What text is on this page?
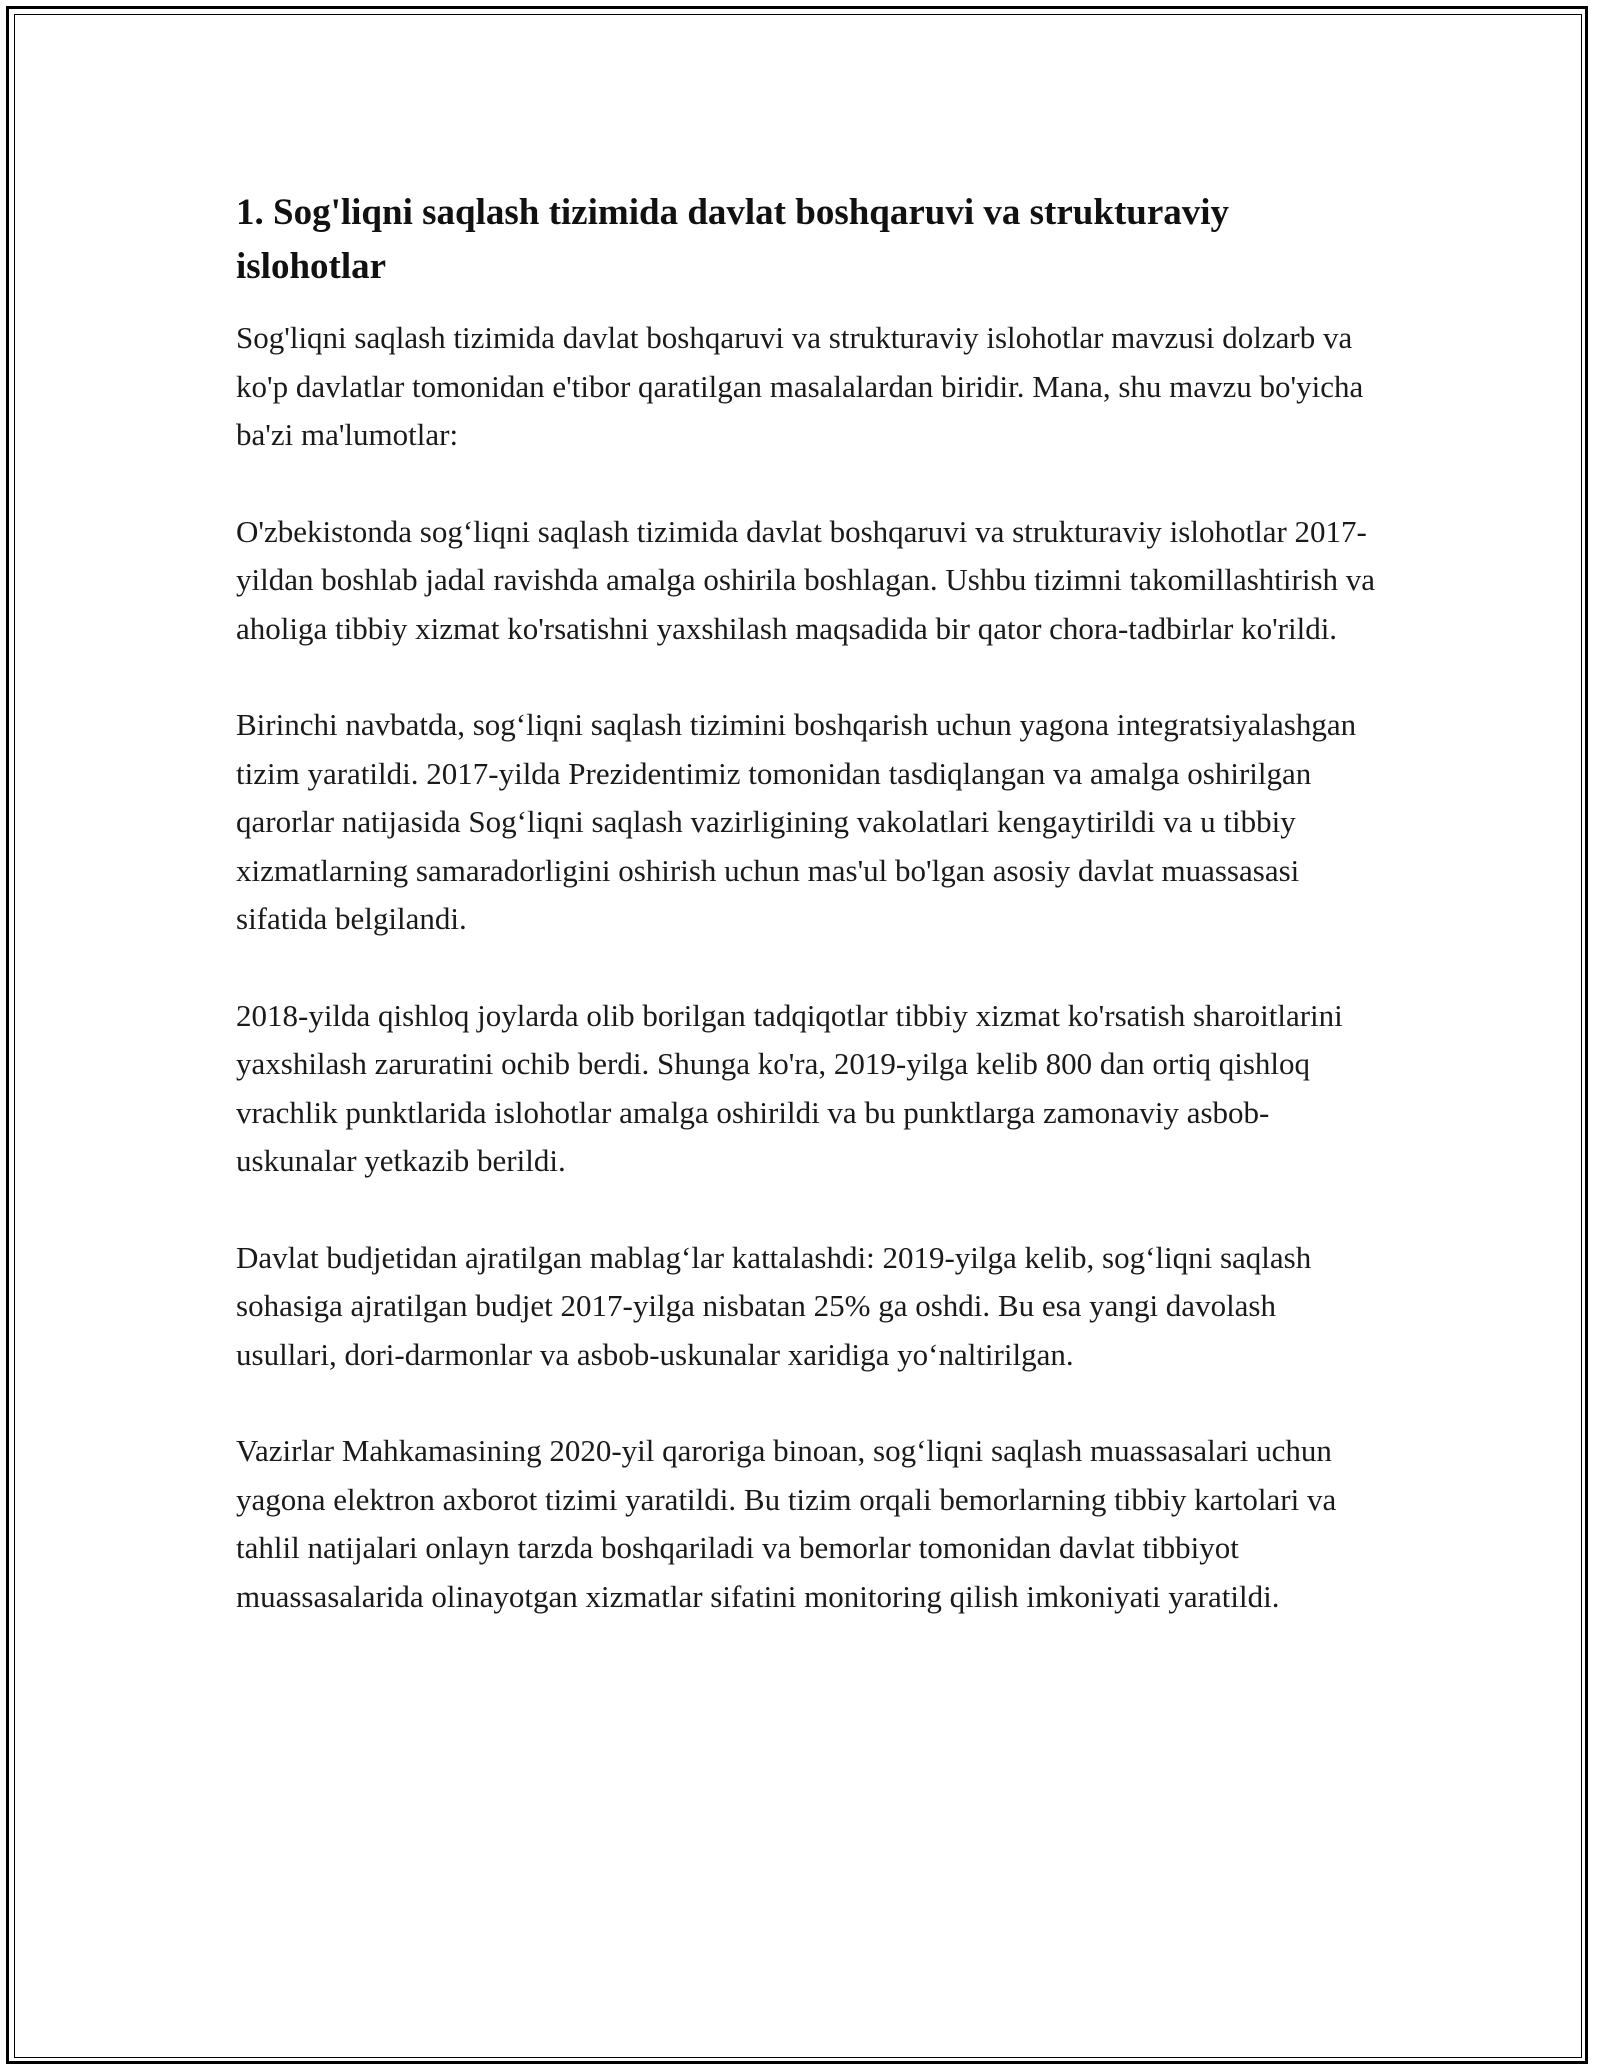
1. Sog'liqni saqlash tizimida davlat boshqaruvi va strukturaviy islohotlar

Sog'liqni saqlash tizimida davlat boshqaruvi va strukturaviy islohotlar mavzusi dolzarb va ko'p davlatlar tomonidan e'tibor qaratilgan masalalardan biridir. Mana, shu mavzu bo'yicha ba'zi ma'lumotlar:

O'zbekistonda sog‘liqni saqlash tizimida davlat boshqaruvi va strukturaviy islohotlar 2017-yildan boshlab jadal ravishda amalga oshirila boshlagan. Ushbu tizimni takomillashtirish va aholiga tibbiy xizmat ko'rsatishni yaxshilash maqsadida bir qator chora-tadbirlar ko'rildi.

Birinchi navbatda, sog‘liqni saqlash tizimini boshqarish uchun yagona integratsiyalashgan tizim yaratildi. 2017-yilda Prezidentimiz tomonidan tasdiqlangan va amalga oshirilgan qarorlar natijasida Sog‘liqni saqlash vazirligining vakolatlari kengaytirildi va u tibbiy xizmatlarning samaradorligini oshirish uchun mas'ul bo'lgan asosiy davlat muassasasi sifatida belgilandi.

2018-yilda qishloq joylarda olib borilgan tadqiqotlar tibbiy xizmat ko'rsatish sharoitlarini yaxshilash zaruratini ochib berdi. Shunga ko'ra, 2019-yilga kelib 800 dan ortiq qishloq vrachlik punktlarida islohotlar amalga oshirildi va bu punktlarga zamonaviy asbob-uskunalar yetkazib berildi.

Davlat budjetidan ajratilgan mablag‘lar kattalashdi: 2019-yilga kelib, sog‘liqni saqlash sohasiga ajratilgan budjet 2017-yilga nisbatan 25% ga oshdi. Bu esa yangi davolash usullari, dori-darmonlar va asbob-uskunalar xaridiga yo‘naltirilgan.

Vazirlar Mahkamasining 2020-yil qaroriga binoan, sog‘liqni saqlash muassasalari uchun yagona elektron axborot tizimi yaratildi. Bu tizim orqali bemorlarning tibbiy kartolari va tahlil natijalari onlayn tarzda boshqariladi va bemorlar tomonidan davlat tibbiyot muassasalarida olinayotgan xizmatlar sifatini monitoring qilish imkoniyati yaratildi.
